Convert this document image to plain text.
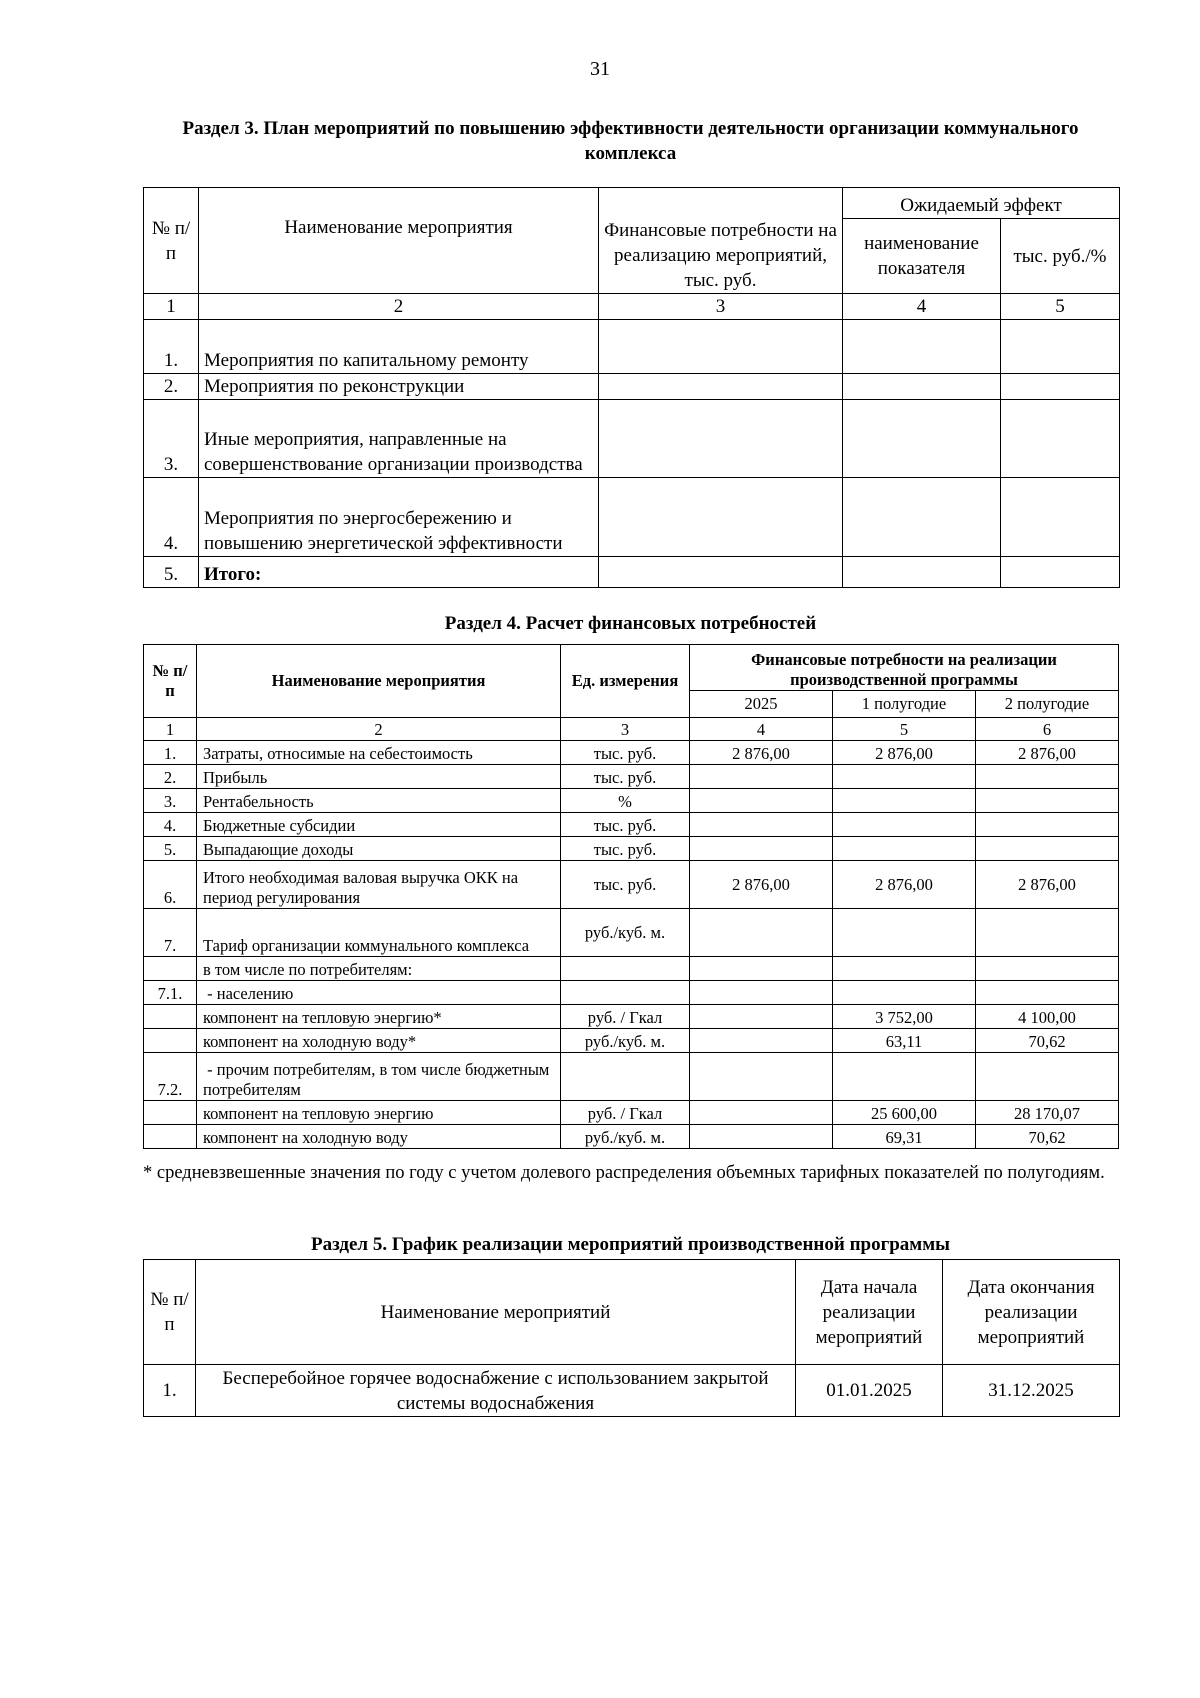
31
Раздел 3. План мероприятий по повышению эффективности деятельности организации коммунального комплекса
№ п/п	Наименование мероприятия	Финансовые потребности на реализацию мероприятий, тыс. руб.	Ожидаемый эффект	
			наименование показателя	тыс. руб./%
1	2	3	4	5
1.	Мероприятия по капитальному ремонту			
2.	Мероприятия по реконструкции			
3.	Иные мероприятия, направленные на совершенствование организации производства			
4.	Мероприятия по энергосбережению и повышению энергетической эффективности			
5.	Итого:			
Раздел 4. Расчет финансовых потребностей
№ п/п	Наименование мероприятия	Ед. измерения	Финансовые потребности на реализации производственной программы		
			2025	1 полугодие	2 полугодие
1	2	3	4	5	6
1.	Затраты, относимые на себестоимость	тыс. руб.	2 876,00	2 876,00	2 876,00
2.	Прибыль	тыс. руб.			
3.	Рентабельность	%			
4.	Бюджетные субсидии	тыс. руб.			
5.	Выпадающие доходы	тыс. руб.			
6.	Итого необходимая валовая выручка ОКК на период регулирования	тыс. руб.	2 876,00	2 876,00	2 876,00
7.	Тариф организации коммунального комплекса	руб./куб. м.			
	в том числе по потребителям:				
7.1.	- населению				
	компонент на тепловую энергию*	руб. / Гкал		3 752,00	4 100,00
	компонент на холодную воду*	руб./куб. м.		63,11	70,62
7.2.	- прочим потребителям, в том числе бюджетным потребителям				
	компонент на тепловую энергию	руб. / Гкал		25 600,00	28 170,07
	компонент на холодную воду	руб./куб. м.		69,31	70,62
* средневзвешенные значения по году с учетом долевого распределения объемных тарифных показателей по полугодиям.
Раздел 5. График реализации мероприятий производственной программы
№ п/п	Наименование мероприятий	Дата начала реализации мероприятий	Дата окончания реализации мероприятий
1.	Бесперебойное горячее водоснабжение с использованием закрытой системы водоснабжения	01.01.2025	31.12.2025
